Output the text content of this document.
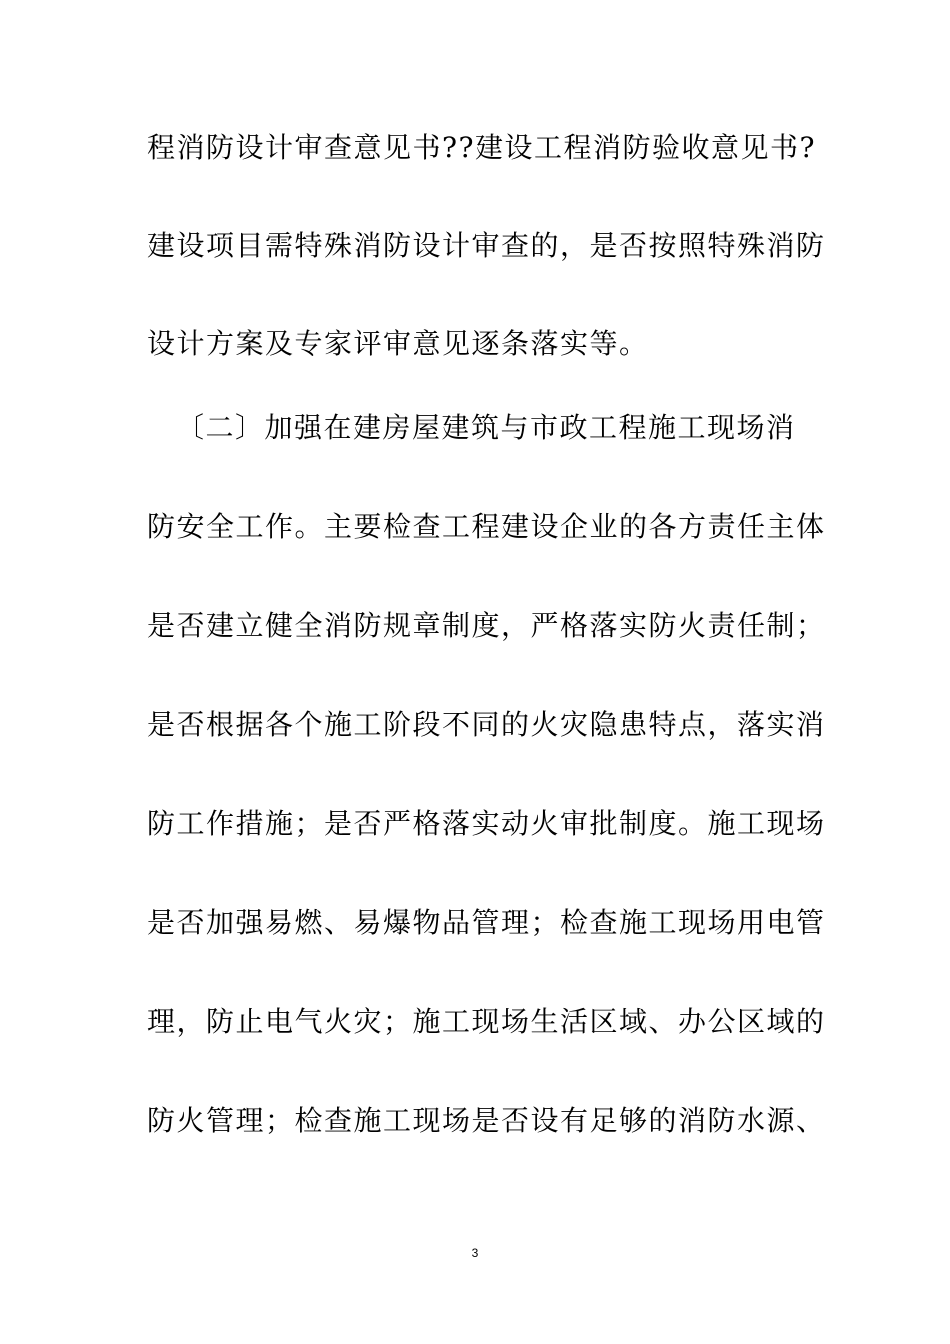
程消防设计审查意见书??建设工程消防验收意见书?
建设项目需特殊消防设计审查的，是否按照特殊消防
设计方案及专家评审意见逐条落实等。
〔二〕加强在建房屋建筑与市政工程施工现场消
防安全工作。主要检查工程建设企业的各方责任主体
是否建立健全消防规章制度，严格落实防火责任制；
是否根据各个施工阶段不同的火灾隐患特点，落实消
防工作措施；是否严格落实动火审批制度。施工现场
是否加强易燃、易爆物品管理；检查施工现场用电管
理，防止电气火灾；施工现场生活区域、办公区域的
防火管理；检查施工现场是否设有足够的消防水源、
3
